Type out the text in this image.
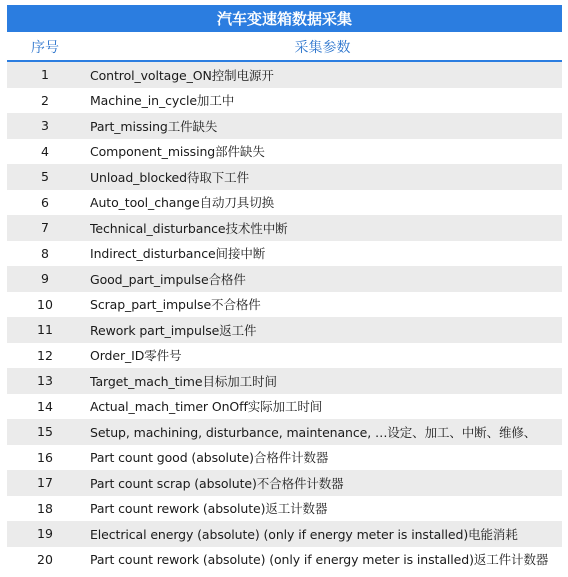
汽车变速箱数据采集
序号	采集参数
1	Control_voltage_ON控制电源开
2	Machine_in_cycle加工中
3	Part_missing工件缺失
4	Component_missing部件缺失
5	Unload_blocked待取下工件
6	Auto_tool_change自动刀具切换
7	Technical_disturbance技术性中断
8	Indirect_disturbance间接中断
9	Good_part_impulse合格件
10	Scrap_part_impulse不合格件
11	Rework part_impulse返工件
12	Order_ID零件号
13	Target_mach_time目标加工时间
14	Actual_mach_timer OnOff实际加工时间
15	Setup, machining, disturbance, maintenance, …设定、加工、中断、维修、
16	Part count good (absolute)合格件计数器
17	Part count scrap (absolute)不合格件计数器
18	Part count rework (absolute)返工计数器
19	Electrical energy (absolute) (only if energy meter is installed)电能消耗
20	Part count rework (absolute) (only if energy meter is installed)返工件计数器
